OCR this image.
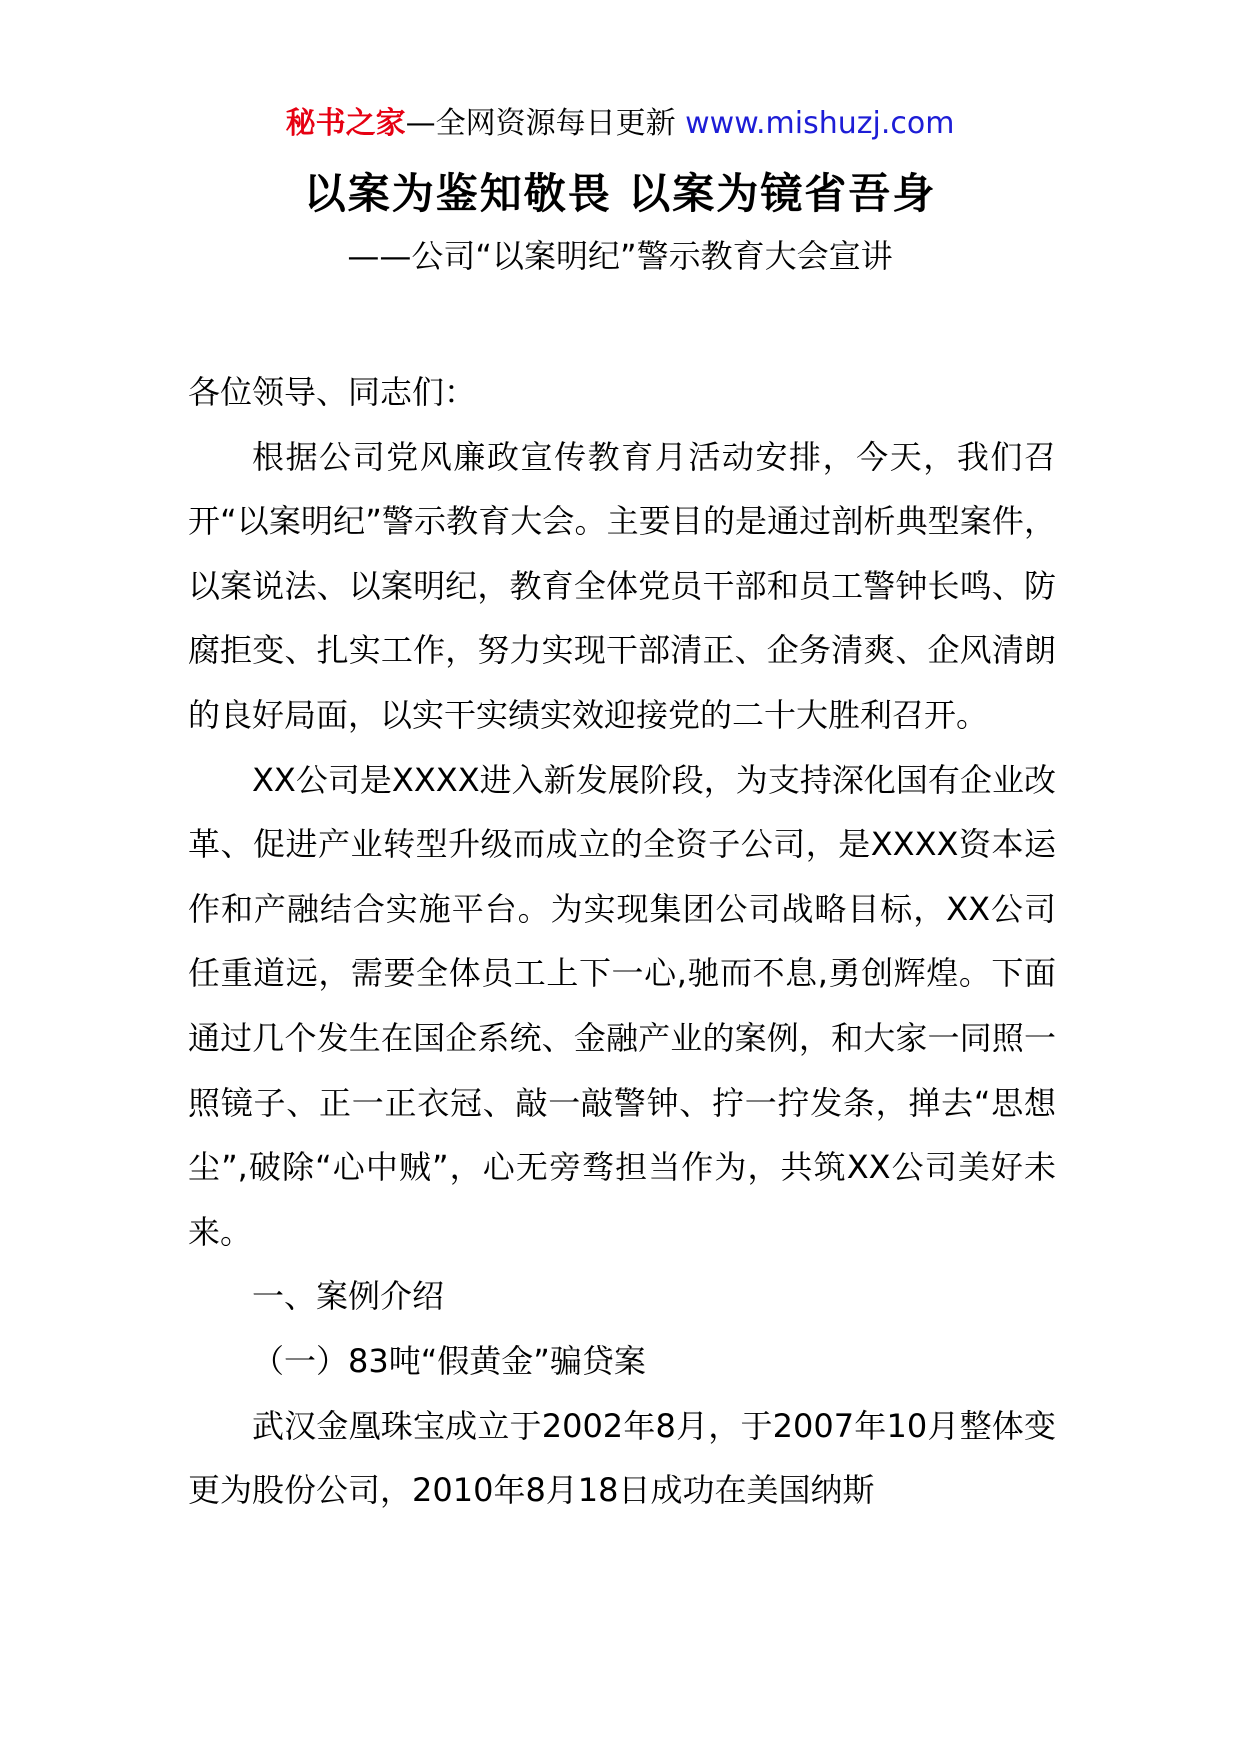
秘书之家—全网资源每日更新 www.mishuzj.com
以案为鉴知敬畏 以案为镜省吾身
——公司“以案明纪”警示教育大会宣讲

各位领导、同志们：

根据公司党风廉政宣传教育月活动安排，今天，我们召开“以案明纪”警示教育大会。主要目的是通过剖析典型案件，以案说法、以案明纪，教育全体党员干部和员工警钟长鸣、防腐拒变、扎实工作，努力实现干部清正、企务清爽、企风清朗的良好局面，以实干实绩实效迎接党的二十大胜利召开。

XX公司是XXXX进入新发展阶段，为支持深化国有企业改革、促进产业转型升级而成立的全资子公司，是XXXX资本运作和产融结合实施平台。为实现集团公司战略目标，XX公司任重道远，需要全体员工上下一心,驰而不息,勇创辉煌。下面通过几个发生在国企系统、金融产业的案例，和大家一同照一照镜子、正一正衣冠、敲一敲警钟、拧一拧发条，掸去“思想尘”,破除“心中贼”，心无旁骛担当作为，共筑XX公司美好未来。

一、案例介绍

（一）83吨“假黄金”骗贷案

武汉金凰珠宝成立于2002年8月，于2007年10月整体变更为股份公司，2010年8月18日成功在美国纳斯
